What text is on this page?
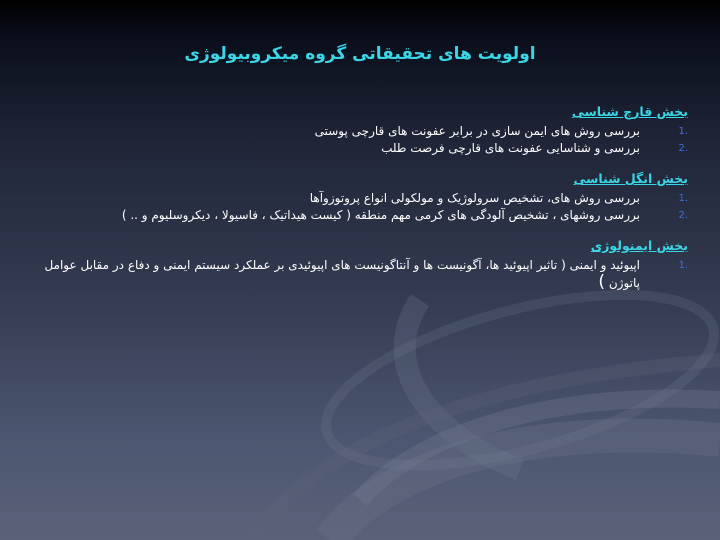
اولویت های تحقیقاتی گروه میکروبیولوژی
بخش قارچ شناسی
1.
بررسی روش های ایمن سازی در برابر عفونت های قارچی پوستی
2.
بررسی و شناسایی عفونت های قارچی فرصت طلب
بخش انگل شناسی
1.
بررسی روش های، تشخیص سرولوژیک و مولکولی انواع پروتوزوآها
2.
بررسی روشهای ، تشخیص آلودگی های کرمی مهم منطقه ( کیست هیداتیک ، فاسیولا ، دیکروسلیوم و .. )
بخش ایمنولوژی
1.
اپیوئید و ایمنی ( تاثیر اپیوئید ها، آگونیست ها و آنتاگونیست های اپیوئیدی بر عملکرد سیستم ایمنی و دفاع در مقابل عوامل پاتوژن )
